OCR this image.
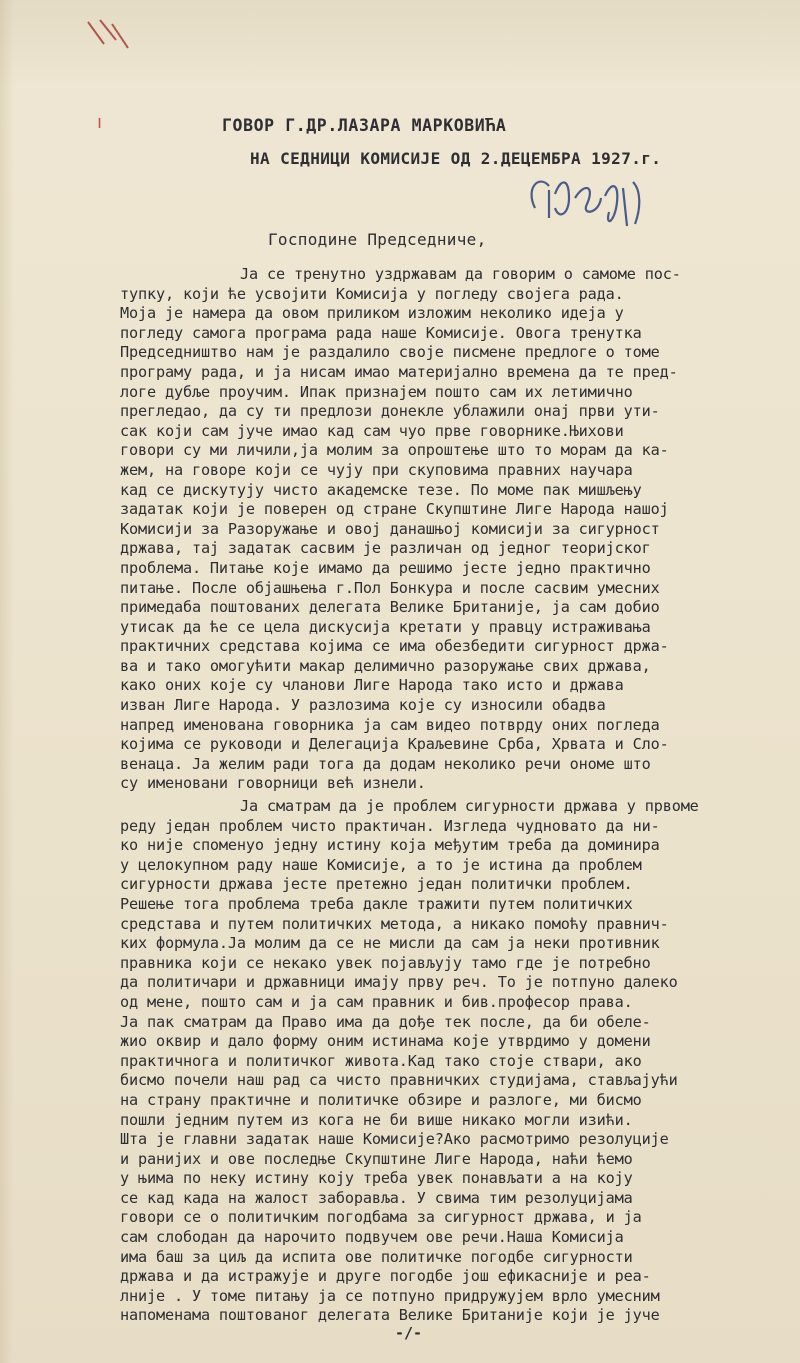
ı	ГОВОР Г.ДР.ЛАЗАРА МАРКОВИЋА
НА СЕДНИЦИ КОМИСИЈЕ ОД 2.ДЕЦЕМБРА 1927.г.
Господине Председниче,
Ја се тренутно уздржавам да говорим о самоме пос-
тупку, који ће усвојити Комисија у погледу својега рада.
Моја је намера да овом приликом изложим неколико идеја у
погледу самога програма рада наше Комисије. Овога тренутка
Председништво нам је раздалило своје писмене предлоге о томе
програму рада, и ја нисам имао материјално времена да те пред-
логе дубље проучим. Ипак признајем пошто сам их летимично
прегледао, да су ти предлози донекле ублажили онај први ути-
сак који сам јуче имао кад сам чуо прве говорнике.Њихови
говори су ми личили,ја молим за опроштење што то морам да ка-
жем, на говоре који се чују при скуповима правних научара
кад се дискутују чисто академске тезе. По моме пак мишљењу
задатак који је поверен од стране Скупштине Лиге Народа нашој
Комисији за Разоружање и овој данашњој комисији за сигурност
држава, тај задатак сасвим је различан од једног теоријског
проблема. Питање које имамо да решимо јесте једно практично
питање. После објашњења г.Пол Бонкура и после сасвим умесних
примедаба поштованих делегата Велике Британије, ја сам добио
утисак да ће се цела дискусија кретати у правцу истраживања
практичних средстава којима се има обезбедити сигурност држа-
ва и тако омогућити макар делимично разоружање свих држава,
како оних које су чланови Лиге Народа тако исто и држава
изван Лиге Народа. У разлозима које су износили обадва
напред именована говорника ја сам видео потврду оних погледа
којима се руководи и Делегација Краљевине Срба, Хрвата и Сло-
венаца. Ја желим ради тога да додам неколико речи ономе што
су именовани говорници већ изнели.
Ја сматрам да је проблем сигурности држава у првоме
реду један проблем чисто практичан. Изгледа чудновато да ни-
ко није споменуо једну истину која међутим треба да доминира
у целокупном раду наше Комисије, а то је истина да проблем
сигурности држава јесте претежно један политички проблем.
Решење тога проблема треба дакле тражити путем политичких
средстава и путем политичких метода, а никако помоћу правнич-
ких формула.Ја молим да се не мисли да сам ја неки противник
правника који се некако увек појављују тамо где је потребно
да политичари и државници имају прву реч. То је потпуно далеко
од мене, пошто сам и ја сам правник и бив.професор права.
Ја пак сматрам да Право има да дође тек после, да би обеле-
жио оквир и дало форму оним истинама које утврдимо у домени
практичнога и политичког живота.Кад тако стоје ствари, ако
бисмо почели наш рад са чисто правничких студијама, стављајући
на страну практичне и политичке обзире и разлоге, ми бисмо
пошли једним путем из кога не би више никако могли изићи.
Шта је главни задатак наше Комисије?Ако расмотримо резолуције
и ранијих и ове последње Скупштине Лиге Народа, наћи ћемо
у њима по неку истину коју треба увек понављати а на коју
се кад када на жалост заборавља. У свима тим резолуцијама
говори се о политичким погодбама за сигурност држава, и ја
сам слободан да нарочито подвучем ове речи.Наша Комисија
има баш за циљ да испита ове политичке погодбе сигурности
држава и да истражује и друге погодбе још ефикасније и реа-
лније . У томе питању ја се потпуно придружујем врло умесним
напоменама поштованог делегата Велике Британије који је јуче
-/-
